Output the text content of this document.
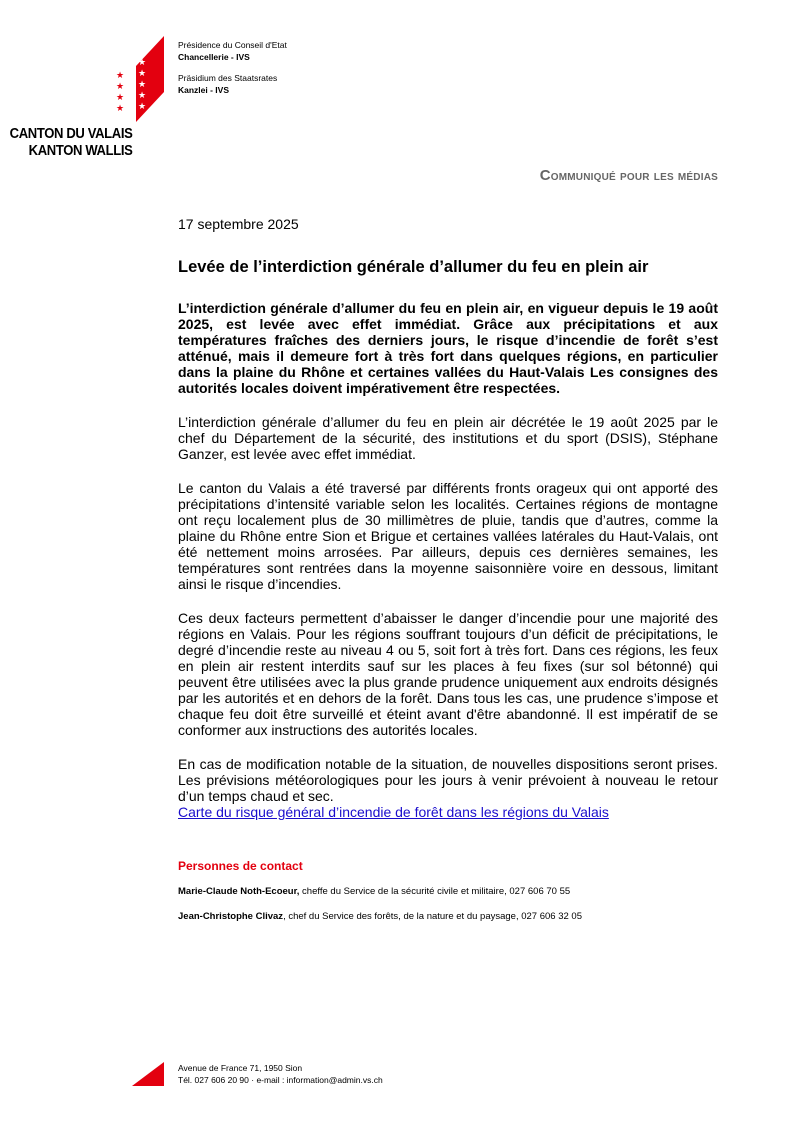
★
★
★
★
★
★
★
★
★
CANTON DU VALAIS
KANTON WALLIS
Présidence du Conseil d'Etat
Chancellerie - IVS
Präsidium des Staatsrates
Kanzlei - IVS
Communiqué pour les médias

17 septembre 2025

Levée de l’interdiction générale d’allumer du feu en plein air

L’interdiction générale d’allumer du feu en plein air, en vigueur depuis le 19 août 2025, est levée avec effet immédiat. Grâce aux précipitations et aux températures fraîches des derniers jours, le risque d’incendie de forêt s’est atténué, mais il demeure fort à très fort dans quelques régions, en particulier dans la plaine du Rhône et certaines vallées du Haut-Valais Les consignes des autorités locales doivent impérativement être respectées.

L’interdiction générale d’allumer du feu en plein air décrétée le 19 août 2025 par le chef du Département de la sécurité, des institutions et du sport (DSIS), Stéphane Ganzer, est levée avec effet immédiat.

Le canton du Valais a été traversé par différents fronts orageux qui ont apporté des précipitations d’intensité variable selon les localités. Certaines régions de montagne ont reçu localement plus de 30 millimètres de pluie, tandis que d’autres, comme la plaine du Rhône entre Sion et Brigue et certaines vallées latérales du Haut-Valais, ont été nettement moins arrosées. Par ailleurs, depuis ces dernières semaines, les températures sont rentrées dans la moyenne saisonnière voire en dessous, limitant ainsi le risque d’incendies.

Ces deux facteurs permettent d’abaisser le danger d’incendie pour une majorité des régions en Valais. Pour les régions souffrant toujours d’un déficit de précipitations, le degré d’incendie reste au niveau 4 ou 5, soit fort à très fort. Dans ces régions, les feux en plein air restent interdits sauf sur les places à feu fixes (sur sol bétonné) qui peuvent être utilisées avec la plus grande prudence uniquement aux endroits désignés par les autorités et en dehors de la forêt. Dans tous les cas, une prudence s’impose et chaque feu doit être surveillé et éteint avant d'être abandonné. Il est impératif de se conformer aux instructions des autorités locales.

En cas de modification notable de la situation, de nouvelles dispositions seront prises. Les prévisions météorologiques pour les jours à venir prévoient à nouveau le retour d’un temps chaud et sec.

Carte du risque général d’incendie de forêt dans les régions du Valais
Personnes de contact
Marie-Claude Noth-Ecoeur, cheffe du Service de la sécurité civile et militaire, 027 606 70 55
Jean-Christophe Clivaz, chef du Service des forêts, de la nature et du paysage, 027 606 32 05
Avenue de France 71, 1950 Sion
Tél. 027 606 20 90 · e-mail : information@admin.vs.ch
